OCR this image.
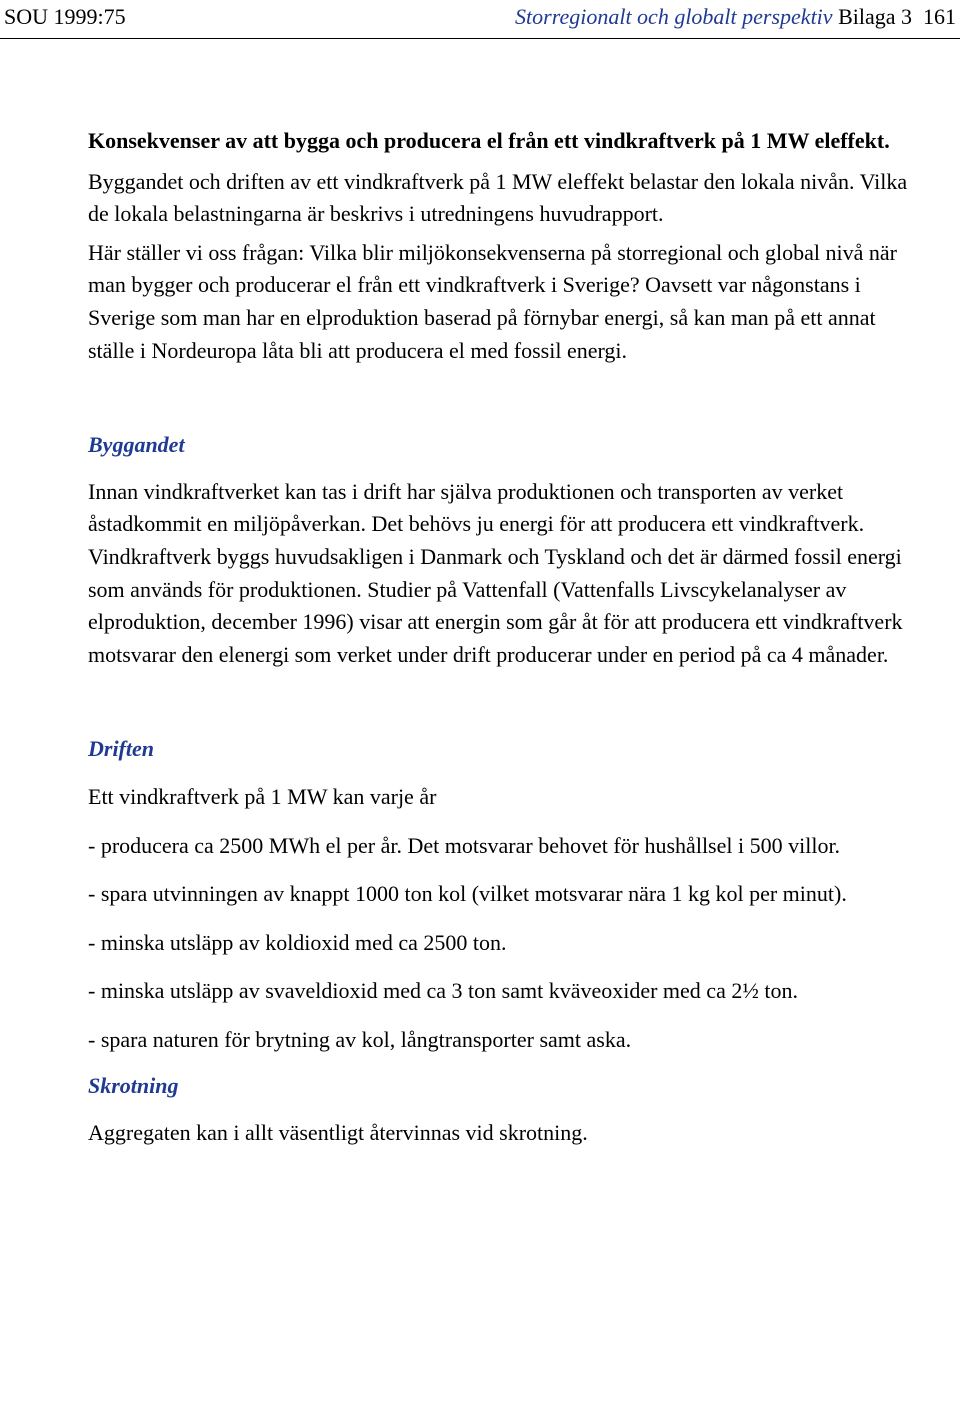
SOU 1999:75	Storregionalt och globalt perspektiv Bilaga 3 161

Konsekvenser av att bygga och producera el från ett vindkraftverk på 1 MW eleffekt.

Byggandet och driften av ett vindkraftverk på 1 MW eleffekt belastar den lokala nivån. Vilka de lokala belastningarna är beskrivs i utredningens huvudrapport.

Här ställer vi oss frågan: Vilka blir miljökonsekvenserna på storregional och global nivå när man bygger och producerar el från ett vindkraftverk i Sverige? Oavsett var någonstans i Sverige som man har en elproduktion baserad på förnybar energi, så kan man på ett annat ställe i Nordeuropa låta bli att producera el med fossil energi.

Byggandet

Innan vindkraftverket kan tas i drift har själva produktionen och transporten av verket åstadkommit en miljöpåverkan. Det behövs ju energi för att producera ett vindkraftverk. Vindkraftverk byggs huvudsakligen i Danmark och Tyskland och det är därmed fossil energi som används för produktionen. Studier på Vattenfall (Vattenfalls Livscykelanalyser av elproduktion, december 1996) visar att energin som går åt för att producera ett vindkraftverk motsvarar den elenergi som verket under drift producerar under en period på ca 4 månader.

Driften

Ett vindkraftverk på 1 MW kan varje år

- producera ca 2500 MWh el per år. Det motsvarar behovet för hushållsel i 500 villor.

- spara utvinningen av knappt 1000 ton kol (vilket motsvarar nära 1 kg kol per minut).

- minska utsläpp av koldioxid med ca 2500 ton.

- minska utsläpp av svaveldioxid med ca 3 ton samt kväveoxider med ca 2½ ton.

- spara naturen för brytning av kol, långtransporter samt aska.

Skrotning

Aggregaten kan i allt väsentligt återvinnas vid skrotning.
